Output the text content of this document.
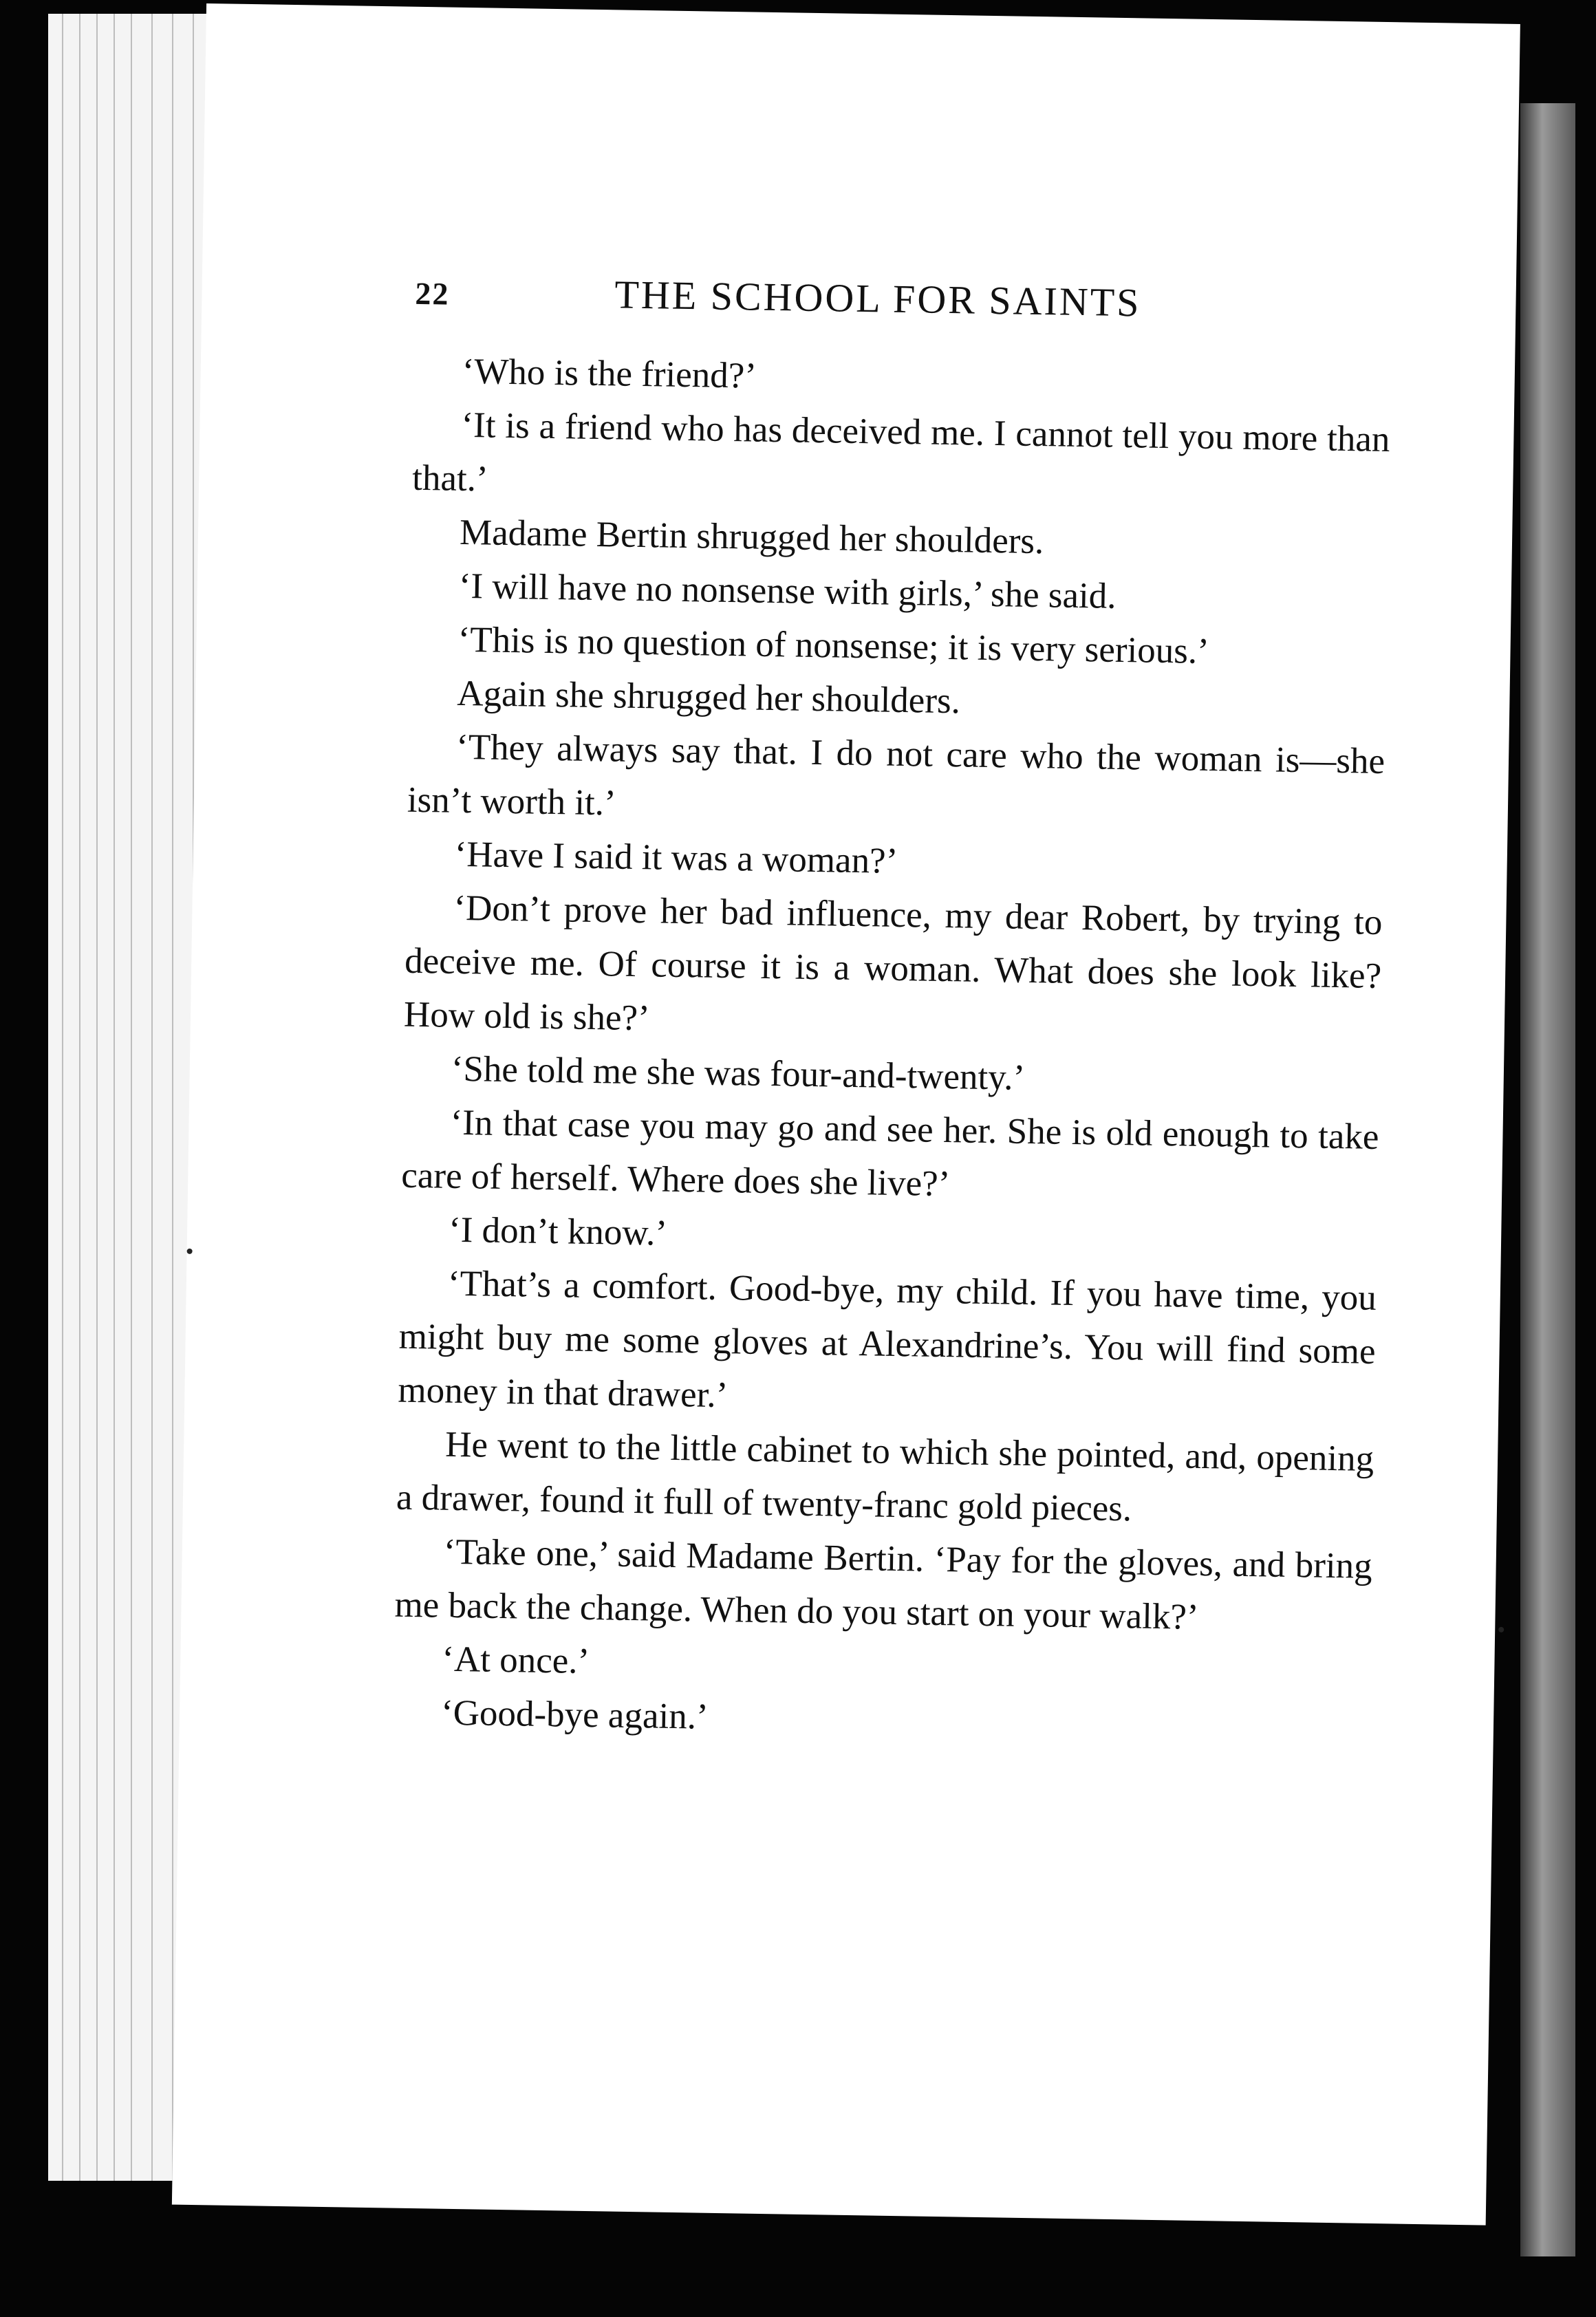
22	THE SCHOOL FOR SAINTS

‘Who is the friend?’

‘It is a friend who has deceived me. I cannot tell you more than that.’

Madame Bertin shrugged her shoulders.

‘I will have no nonsense with girls,’ she said.

‘This is no question of nonsense; it is very serious.’

Again she shrugged her shoulders.

‘They always say that. I do not care who the woman is—she isn’t worth it.’

‘Have I said it was a woman?’

‘Don’t prove her bad influence, my dear Robert, by trying to deceive me. Of course it is a woman. What does she look like? How old is she?’

‘She told me she was four-and-twenty.’

‘In that case you may go and see her. She is old enough to take care of herself. Where does she live?’

‘I don’t know.’

‘That’s a comfort. Good-bye, my child. If you have time, you might buy me some gloves at Alexandrine’s. You will find some money in that drawer.’

He went to the little cabinet to which she pointed, and, opening a drawer, found it full of twenty-franc gold pieces.

‘Take one,’ said Madame Bertin. ‘Pay for the gloves, and bring me back the change. When do you start on your walk?’

‘At once.’

‘Good-bye again.’
